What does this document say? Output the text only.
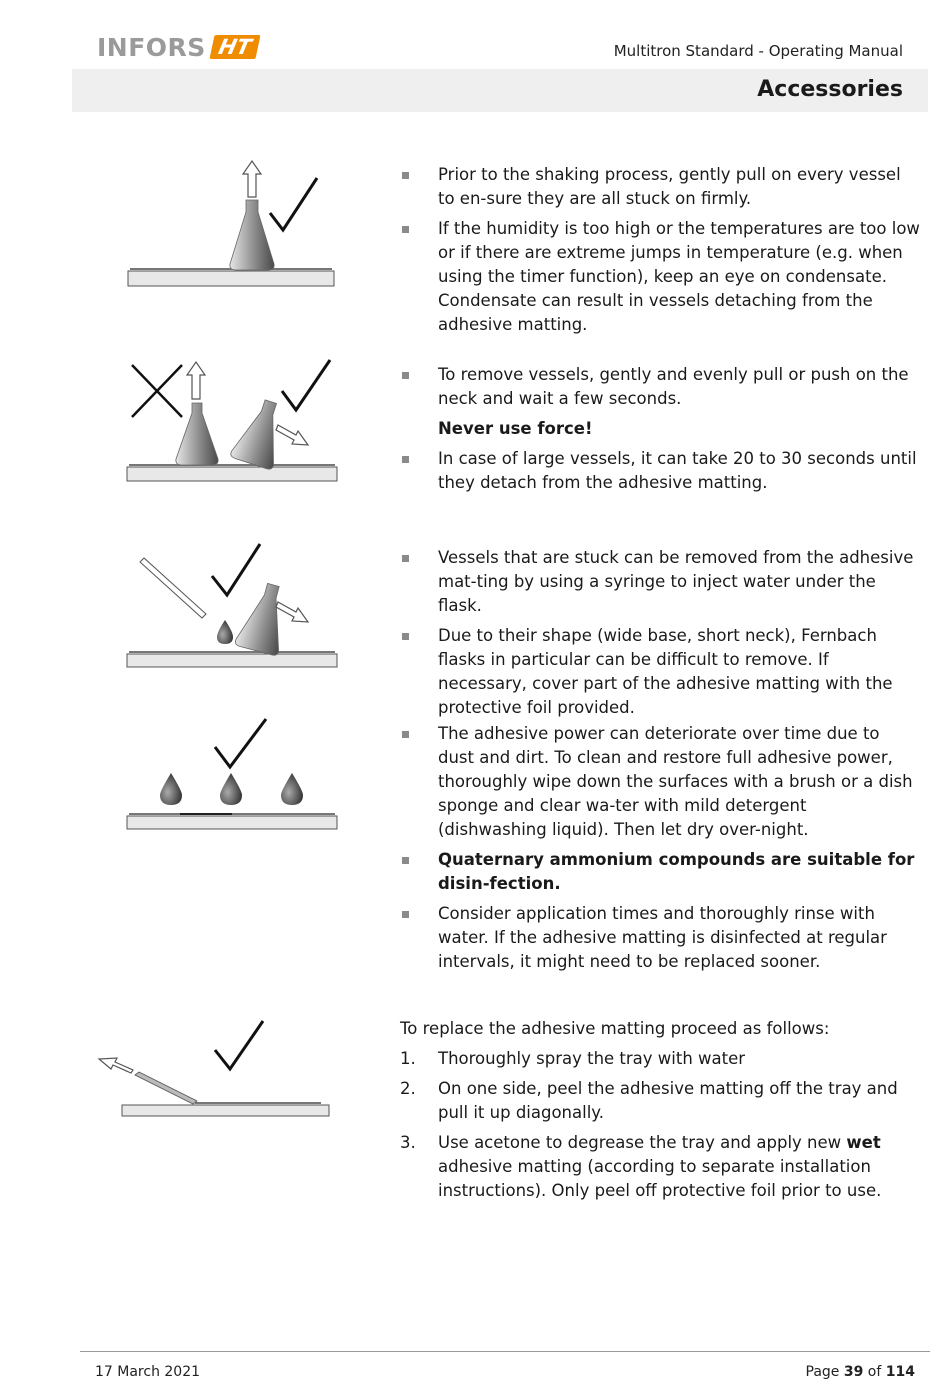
INFORS HT	Multitron Standard - Operating Manual
Accessories
Prior to the shaking process, gently pull on every vessel to en-sure they are all stuck on firmly.
If the humidity is too high or the temperatures are too low or if there are extreme jumps in temperature (e.g. when using the timer function), keep an eye on condensate. Condensate can result in vessels detaching from the adhesive matting.
To remove vessels, gently and evenly pull or push on the neck and wait a few seconds.
Never use force!
In case of large vessels, it can take 20 to 30 seconds until they detach from the adhesive matting.
Vessels that are stuck can be removed from the adhesive mat-ting by using a syringe to inject water under the flask.
Due to their shape (wide base, short neck), Fernbach flasks in particular can be difficult to remove. If necessary, cover part of the adhesive matting with the protective foil provided.
The adhesive power can deteriorate over time due to dust and dirt. To clean and restore full adhesive power, thoroughly wipe down the surfaces with a brush or a dish sponge and clear wa-ter with mild detergent (dishwashing liquid). Then let dry over-night.
Quaternary ammonium compounds are suitable for disin-fection.
Consider application times and thoroughly rinse with water. If the adhesive matting is disinfected at regular intervals, it might need to be replaced sooner.
To replace the adhesive matting proceed as follows:
1. Thoroughly spray the tray with water
2. On one side, peel the adhesive matting off the tray and pull it up diagonally.
3. Use acetone to degrease the tray and apply new wet adhesive matting (according to separate installation instructions). Only peel off protective foil prior to use.
17 March 2021	Page 39 of 114
